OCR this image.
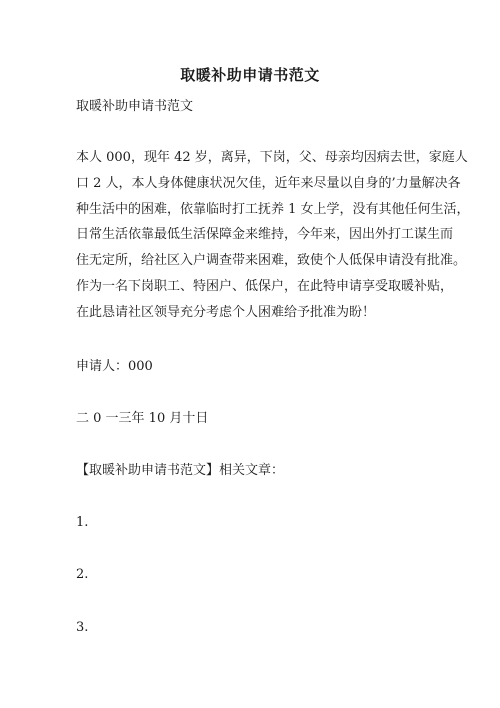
取暖补助申请书范文
取暖补助申请书范文
本人 000，现年 42 岁，离异，下岗，父、母亲均因病去世，家庭人
口 2 人，本人身体健康状况欠佳，近年来尽量以自身的’力量解决各
种生活中的困难，依靠临时打工抚养 1 女上学，没有其他任何生活，
日常生活依靠最低生活保障金来维持，今年来，因出外打工谋生而
住无定所，给社区入户调查带来困难，致使个人低保申请没有批准。
作为一名下岗职工、特困户、低保户，在此特申请享受取暖补贴，
在此恳请社区领导充分考虑个人困难给予批准为盼！
申请人：000
二 0 一三年 10 月十日
【取暖补助申请书范文】相关文章：
1.
2.
3.
